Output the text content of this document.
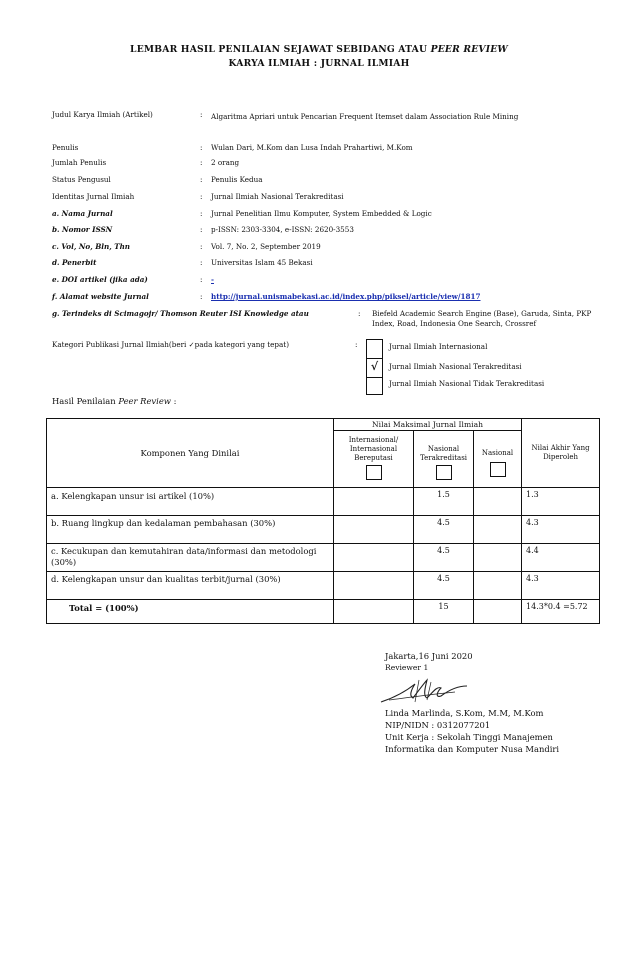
LEMBAR HASIL PENILAIAN SEJAWAT SEBIDANG ATAU PEER REVIEW
KARYA ILMIAH : JURNAL ILMIAH
Judul Karya Ilmiah (Artikel)	: Algaritma Apriari untuk Pencarian Frequent Itemset dalam Association Rule Mining
Penulis	: Wulan Dari, M.Kom dan Lusa Indah Prahartiwi, M.Kom
Jumlah Penulis	: 2 orang
Status Pengusul	: Penulis Kedua
Identitas Jurnal Ilmiah	: Jurnal Ilmiah Nasional Terakreditasi
a. Nama Jurnal	: Jurnal Penelitian Ilmu Komputer, System Embedded & Logic
b. Nomor ISSN	: p-ISSN: 2303-3304, e-ISSN: 2620-3553
c. Vol, No, Bln, Thn	: Vol. 7, No. 2, September 2019
d. Penerbit	: Universitas Islam 45 Bekasi
e. DOI artikel (jika ada)	: -
f. Alamat website Jurnal	: http://jurnal.unismabekasi.ac.id/index.php/piksel/article/view/1817
g. Terindeks di Scimagojr/ Thomson Reuter ISI Knowledge atau	: Biefeld Academic Search Engine (Base), Garuda, Sinta, PKP Index, Road, Indonesia One Search, Crossref
Kategori Publikasi Jurnal Ilmiah(beri ✓pada kategori yang tepat)	:	Jurnal Ilmiah Internasional
√	Jurnal Ilmiah Nasional Terakreditasi
Jurnal Ilmiah Nasional Tidak Terakreditasi
Hasil Penilaian Peer Review :
Komponen Yang Dinilai	Nilai Maksimal Jurnal Ilmiah			Nilai Akhir Yang Diperoleh

	Internasional/ Internasional Bereputasi	Nasional Terakreditasi	Nasional	

a. Kelengkapan unsur isi artikel (10%)		1.5		1.3
b. Ruang lingkup dan kedalaman pembahasan (30%)		4.5		4.3
c. Kecukupan dan kemutahiran data/informasi dan metodologi (30%)		4.5		4.4
d. Kelengkapan unsur dan kualitas terbit/jurnal (30%)		4.5		4.3
Total = (100%)		15		14.3*0.4 =5.72
Jakarta,16 Juni 2020
Reviewer 1
Linda Marlinda, S.Kom, M.M, M.Kom
NIP/NIDN : 0312077201
Unit Kerja : Sekolah Tinggi Manajemen Informatika dan Komputer Nusa Mandiri
